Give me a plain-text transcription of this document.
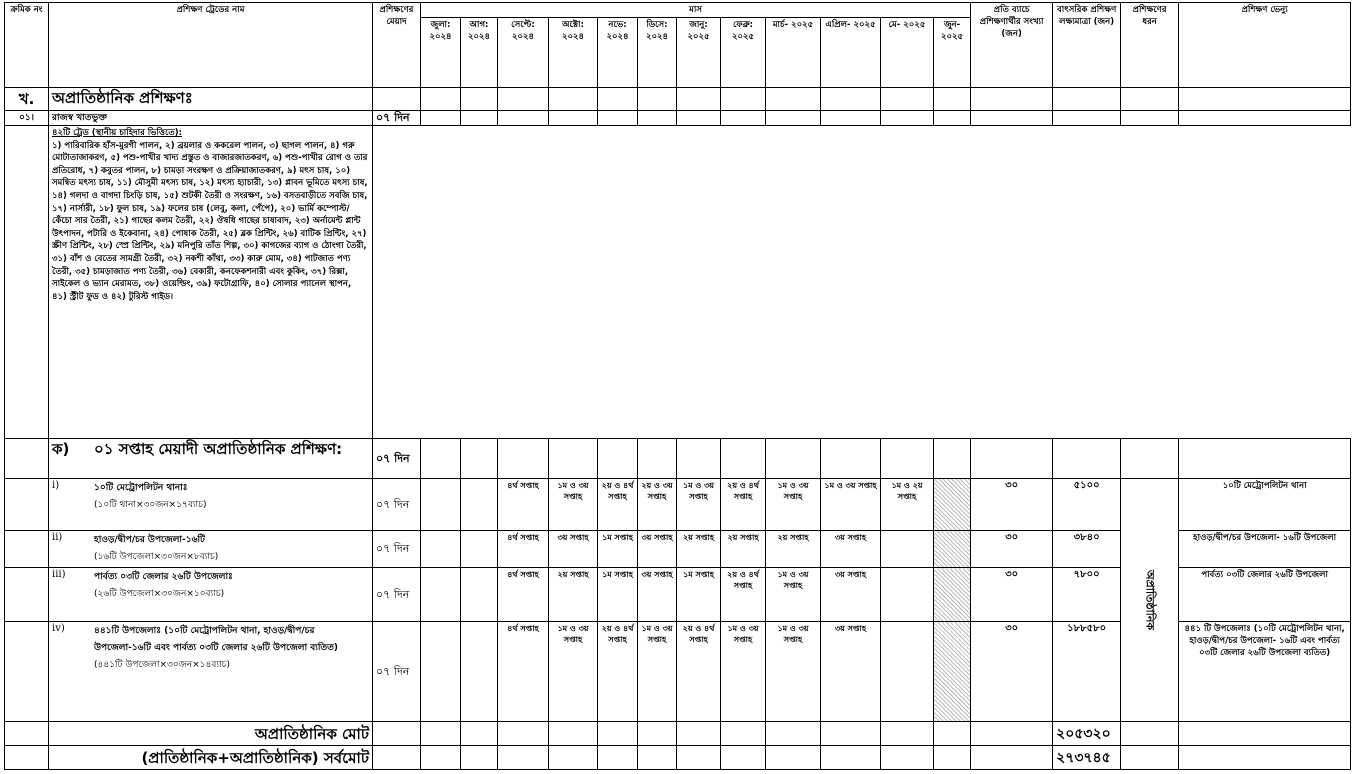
ক্রমিক নং	প্রশিক্ষণ ট্রেডের নাম	প্রশিক্ষণের মেয়াদ	মাস												প্রতি ব্যাচে প্রশিক্ষণার্থীর সংখ্যা (জন)	বাৎসরিক প্রশিক্ষণ লক্ষ্যমাত্রা (জন)	প্রশিক্ষণের ধরন	প্রশিক্ষণ ভেন্যু
			জুলা: ২০২৪	আগ: ২০২৪	সেপ্টে: ২০২৪	অক্টো: ২০২৪	নভে: ২০২৪	ডিসে: ২০২৪	জানু: ২০২৫	ফেব্রু: ২০২৫	মার্চ- ২০২৫	এপ্রিল- ২০২৫	মে- ২০২৫	জুন- ২০২৫				
খ.	অপ্রাতিষ্ঠানিক প্রশিক্ষণঃ																	
০১।	রাজস্ব খাতভুক্ত	০৭ দিন																

	৪২টি ট্রেড (স্থানীয় চাহিদার ভিত্তিতে):
১) পারিবারিক হাঁস-মুরগী পালন, ২) ব্রয়লার ও ককরেল পালন, ৩) ছাগল পালন, ৪) গরু মোটাতাজাকরণ, ৫) পশু-পাখীর খাদ্য প্রস্তুত ও বাজারজাতকরণ, ৬) পশু-পাখীর রোগ ও তার প্রতিরোধ, ৭) কবুতর পালন, ৮) চামড়া সংরক্ষণ ও প্রক্রিয়াজাতকরণ, ৯) মৎস চাষ, ১০) সমন্বিত মৎস্য চাষ, ১১) মৌসুমী মৎস্য চাষ, ১২) মৎস্য হ্যাচারী, ১৩) প্লাবন ভূমিতে মৎস্য চাষ, ১৪) গলদা ও বাগদা চিংড়ি চাষ, ১৫) শুটকী তৈরী ও সংরক্ষণ, ১৬) বসতবাড়ীতে সবজি চাষ, ১৭) নার্সারী, ১৮) ফুল চাষ, ১৯) ফলের চাষ (লেবু, কলা, পেঁপে), ২০) ভার্মি কম্পোস্ট/কেঁচো সার তৈরী, ২১) গাছের কলম তৈরী, ২২) ঔষধি গাছের চাষাবাদ, ২৩) অর্নামেন্ট প্লান্ট উৎপাদন, পটারি ও ইকেবানা, ২৪) পোষাক তৈরী, ২৫) ব্লক প্রিন্টিং, ২৬) বাটিক প্রিন্টিং, ২৭) স্ক্রীণ প্রিন্টিং, ২৮) স্প্রে প্রিন্টিং, ২৯) মনিপুরি তাঁত শিল্প, ৩০) কাগজের ব্যাগ ও ঠোংগা তৈরী, ৩১) বাঁশ ও বেতের সামগ্রী তৈরী, ৩২) নকশী কাঁথা, ৩৩) কারু মোম, ৩৪) পাটজাত পণ্য তৈরী, ৩৫) চামড়াজাত পণ্য তৈরী, ৩৬) বেকারী, কনফেকশনারী এবং কুকিং, ৩৭) রিক্সা, সাইকেল ও ভ্যান মেরামত, ৩৮) ওয়েল্ডিং, ৩৯) ফটোগ্রাফি, ৪০) সোলার প্যানেল স্থাপন, ৪১) স্ট্রীট ফুড ও ৪২) টুরিস্ট গাইড।																	

	ক) ০১ সপ্তাহ মেয়াদী অপ্রাতিষ্ঠানিক প্রশিক্ষণ:	০৭ দিন																

	i) ১০টি মেট্রোপলিটন থানাঃ
(১০টি থানা×৩০জন×১৭ব্যাচ)	০৭ দিন			৪র্থ সপ্তাহ	১ম ও ৩য় সপ্তাহ	২য় ও ৪র্থ সপ্তাহ	২য় ও ৩য় সপ্তাহ	১ম ও ৩য় সপ্তাহ	২য় ও ৪র্থ সপ্তাহ	১ম ও ৩য় সপ্তাহ	১ম ও ৩য় সপ্তাহ	১ম ও ২য় সপ্তাহ		৩০	৫১০০	অপ্রাতিষ্ঠানিক	১০টি মেট্রোপলিটন থানা

	ii) হাওড়/দ্বীপ/চর উপজেলা-১৬টি
(১৬টি উপজেলা×৩০জন×৮ব্যাচ)	০৭ দিন			৪র্থ সপ্তাহ	৩য় সপ্তাহ	১ম সপ্তাহ	৩য় সপ্তাহ	২য় সপ্তাহ	২য় সপ্তাহ	২য় সপ্তাহ	৩য় সপ্তাহ			৩০	৩৮৪০		হাওড়/দ্বীপ/চর উপজেলা- ১৬টি উপজেলা

	iii) পার্বত্য ০৩টি জেলার ২৬টি উপজেলাঃ
(২৬টি উপজেলা×৩০জন×১০ব্যাচ)	০৭ দিন			৪র্থ সপ্তাহ	২য় সপ্তাহ	১ম সপ্তাহ	৩য় সপ্তাহ	১ম সপ্তাহ	২য় ও ৪র্থ সপ্তাহ	১ম ও ৩য় সপ্তাহ	৩য় সপ্তাহ			৩০	৭৮০০		পার্বত্য ০৩টি জেলার ২৬টি উপজেলা

	iv) ৪৪১টি উপজেলাঃ (১০টি মেট্রোপলিটন থানা, হাওড়/দ্বীপ/চর উপজেলা-১৬টি এবং পার্বত্য ০৩টি জেলার ২৬টি উপজেলা ব্যতিত)
(৪৪১টি উপজেলা×৩০জন×১৪ব্যাচ)	০৭ দিন			৪র্থ সপ্তাহ	১ম ও ৩য় সপ্তাহ	২য় ও ৪র্থ সপ্তাহ	১ম ও ৩য় সপ্তাহ	২য় ও ৪র্থ সপ্তাহ	১ম ও ৩য় সপ্তাহ	১ম ও ৩য় সপ্তাহ	৩য় সপ্তাহ			৩০	১৮৮৫৮০		৪৪১ টি উপজেলাঃ (১০টি মেট্রোপলিটন থানা, হাওড়/দ্বীপ/চর উপজেলা- ১৬টি এবং পার্বত্য ০৩টি জেলার ২৬টি উপজেলা ব্যতিত)
	অপ্রাতিষ্ঠানিক মোট															২০৫৩২০		
	(প্রাতিষ্ঠানিক+অপ্রাতিষ্ঠানিক) সর্বমোট															২৭৩৭৪৫		
